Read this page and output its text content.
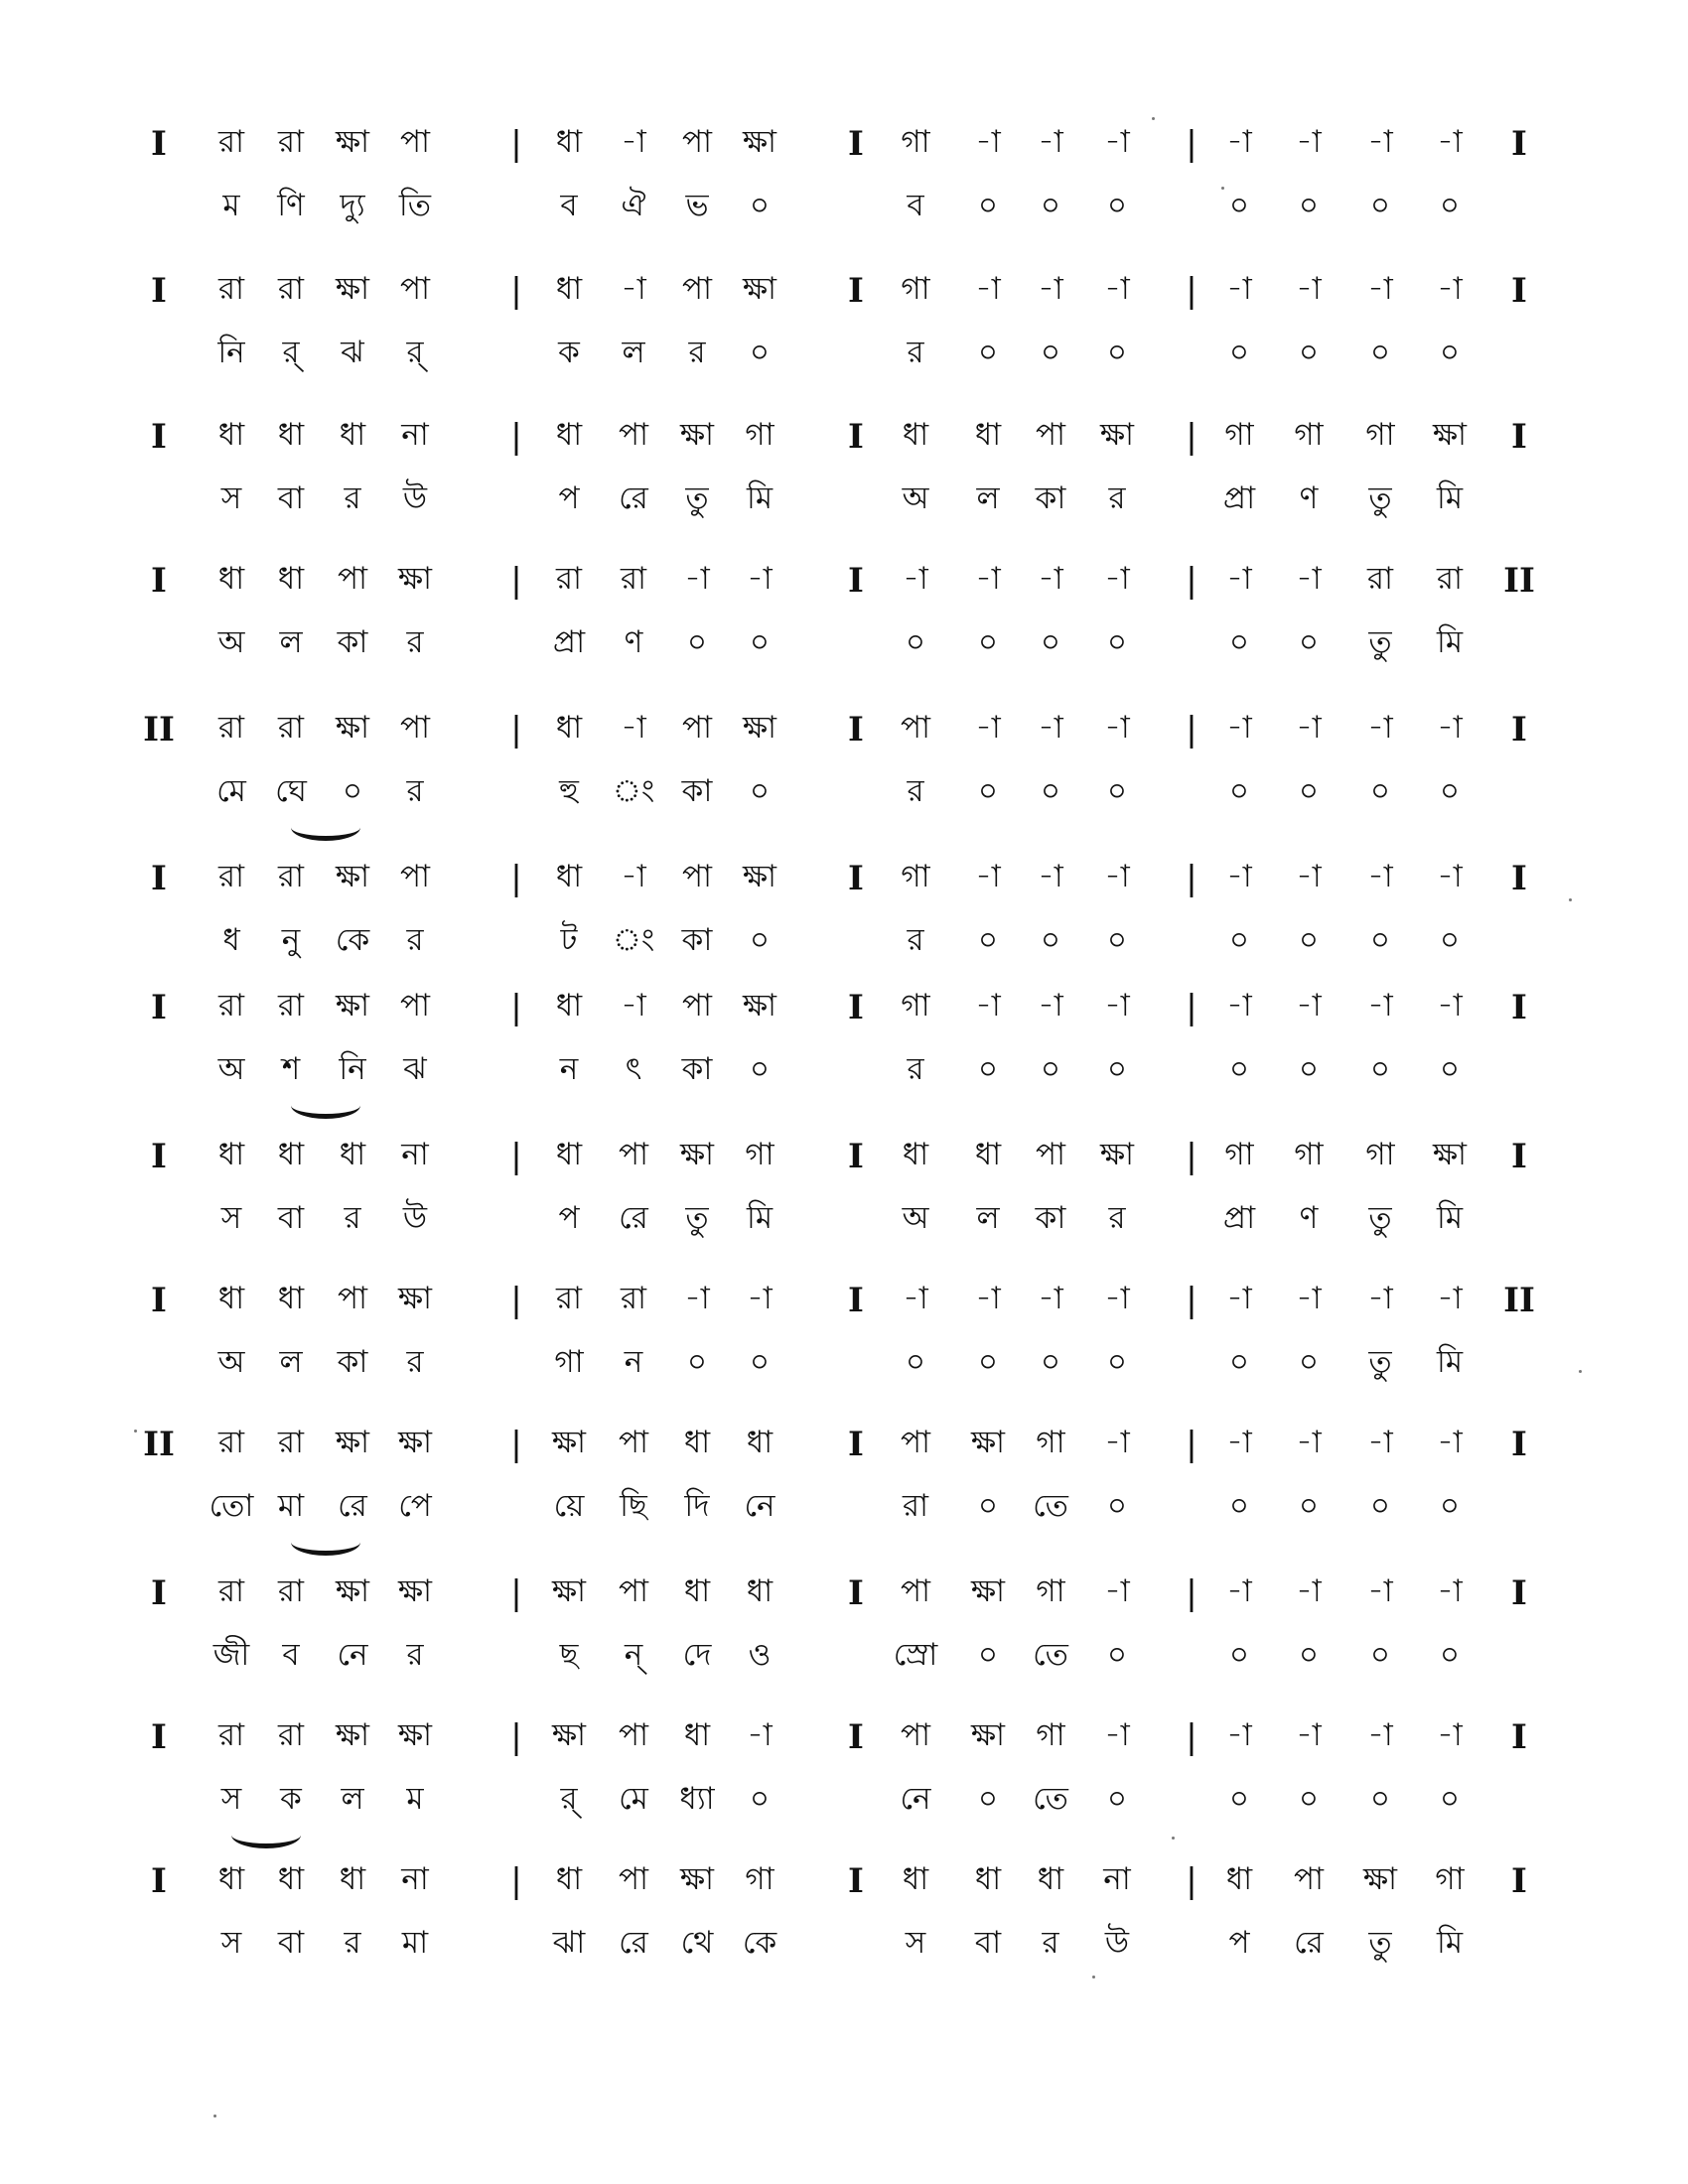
I রা রা ক্ষা পা | ধা -া পা ক্ষা I গা -া -া -া | -া -া -া -া I
ম ণি দ্যু তি	ব ঐ ভ ০	ব ০ ০ ০	০ ০ ০ ০
I রা রা ক্ষা পা | ধা -া পা ক্ষা I গা -া -া -া | -া -া -া -া I
নি র্ ঝ র্	ক ল র ০	র ০ ০ ০	০ ০ ০ ০
I ধা ধা ধা না | ধা পা ক্ষা গা I ধা ধা পা ক্ষা | গা গা গা ক্ষা I
স বা র উ	প রে তু মি	অ ল কা র	প্রা ণ তু মি
I ধা ধা পা ক্ষা | রা রা -া -া I -া -া -া -া | -া -া রা রা II
অ ল কা র	প্রা ণ ০ ০	০ ০ ০ ০	০ ০ তু মি
II রা রা ক্ষা পা | ধা -া পা ক্ষা I পা -া -া -া | -া -া -া -া I
মে ঘে ০ র	হু ং কা ০	র ০ ০ ০	০ ০ ০ ০
I রা রা ক্ষা পা | ধা -া পা ক্ষা I গা -া -া -া | -া -া -া -া I
ধ নু কে র	ট ং কা ০	র ০ ০ ০	০ ০ ০ ০
I রা রা ক্ষা পা | ধা -া পা ক্ষা I গা -া -া -া | -া -া -া -া I
অ শ নি ঝ	ন ৎ কা ০	র ০ ০ ০	০ ০ ০ ০
I ধা ধা ধা না | ধা পা ক্ষা গা I ধা ধা পা ক্ষা | গা গা গা ক্ষা I
স বা র উ	প রে তু মি	অ ল কা র	প্রা ণ তু মি
I ধা ধা পা ক্ষা | রা রা -া -া I -া -া -া -া | -া -া -া -া II
অ ল কা র	গা ন ০ ০	০ ০ ০ ০	০ ০ তু মি
II রা রা ক্ষা ক্ষা | ক্ষা পা ধা ধা I পা ক্ষা গা -া | -া -া -া -া I
তো মা রে পে	য়ে ছি দি নে	রা ০ তে ০	০ ০ ০ ০
I রা রা ক্ষা ক্ষা | ক্ষা পা ধা ধা I পা ক্ষা গা -া | -া -া -া -া I
জী ব নে র	ছ ন্ দে ও	স্রো ০ তে ০	০ ০ ০ ০
I রা রা ক্ষা ক্ষা | ক্ষা পা ধা -া I পা ক্ষা গা -া | -া -া -া -া I
স ক ল ম	র্ মে ধ্যা ০	নে ০ তে ০	০ ০ ০ ০
I ধা ধা ধা না | ধা পা ক্ষা গা I ধা ধা ধা না | ধা পা ক্ষা গা I
স বা র মা	ঝা রে থে কে	স বা র উ	প রে তু মি
